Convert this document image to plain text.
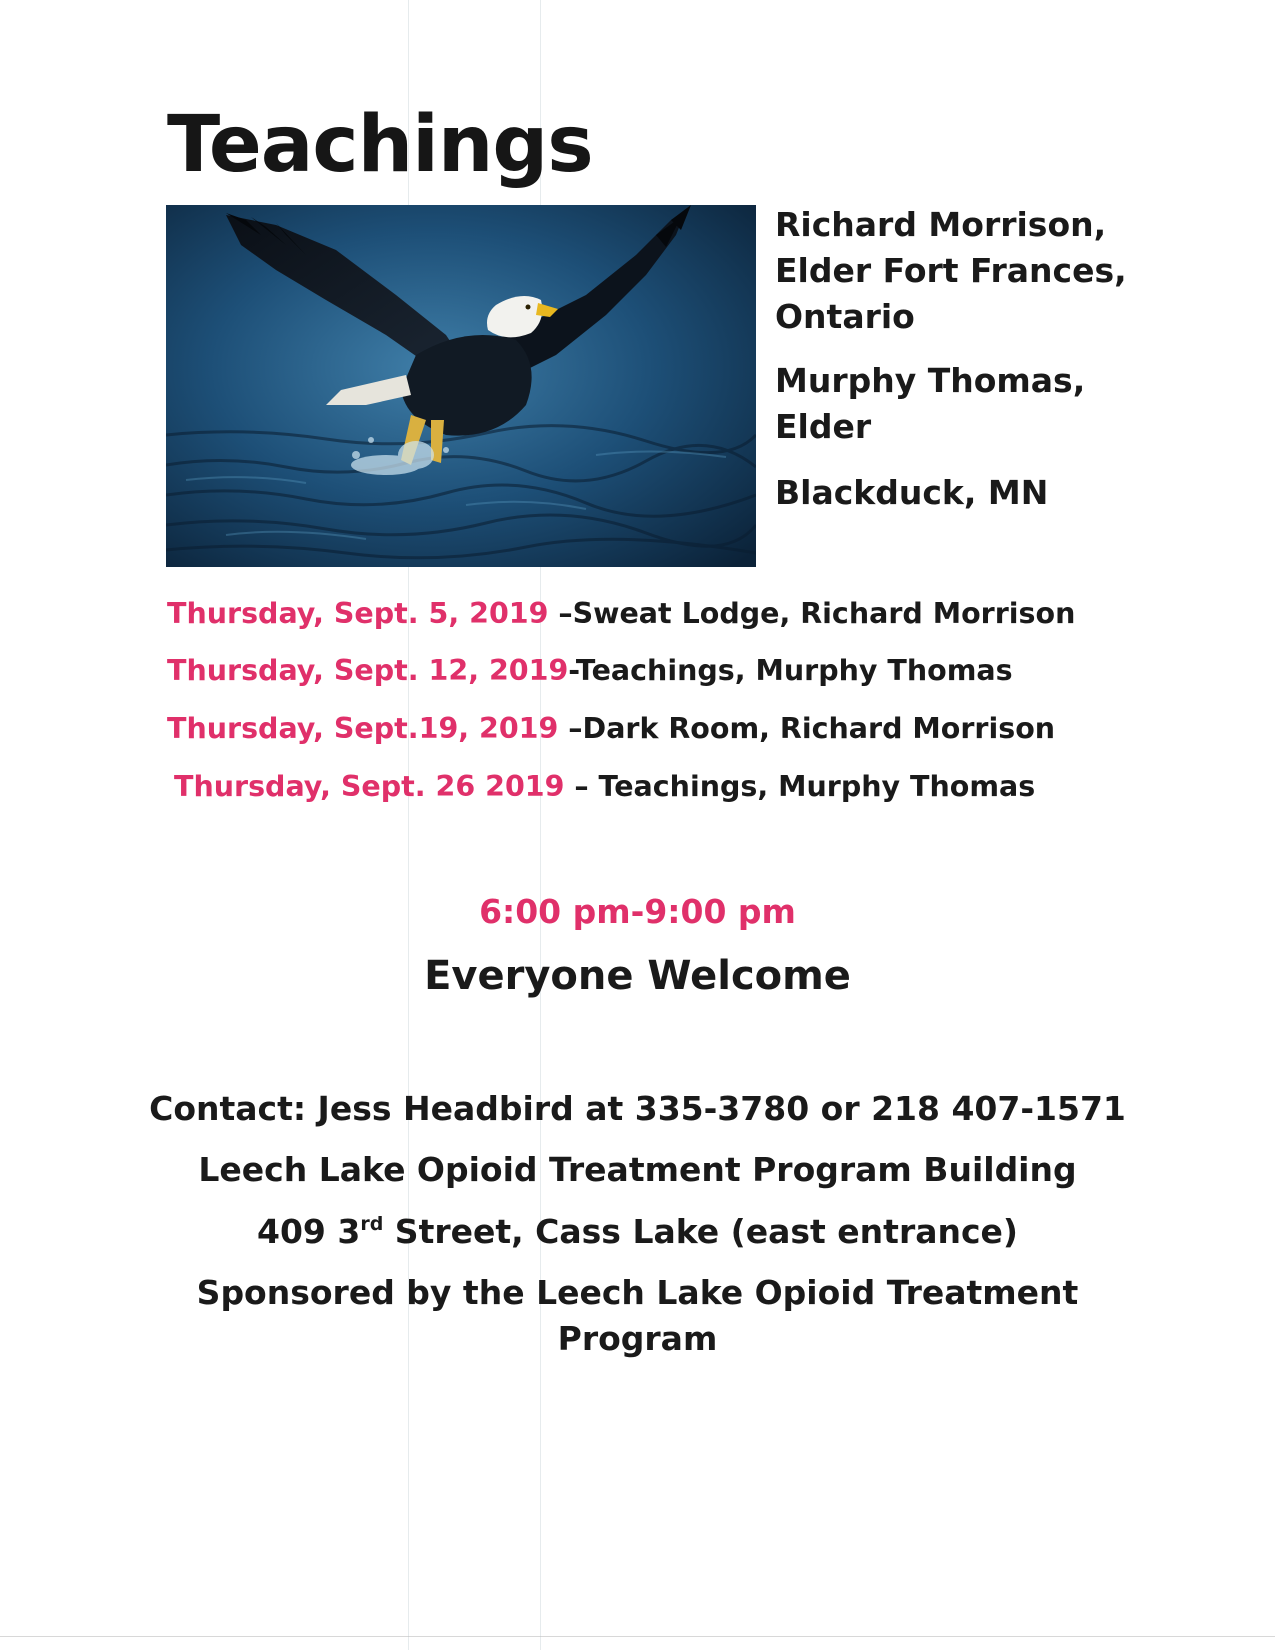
Teachings
Richard Morrison,
Elder Fort Frances,
Ontario
Murphy Thomas,
Elder
Blackduck, MN
Thursday, Sept. 5, 2019 –Sweat Lodge, Richard Morrison
Thursday, Sept. 12, 2019-Teachings, Murphy Thomas
Thursday, Sept.19, 2019 –Dark Room, Richard Morrison
Thursday, Sept. 26 2019 – Teachings, Murphy Thomas

6:00 pm-9:00 pm

Everyone Welcome

Contact: Jess Headbird at 335-3780 or 218 407-1571

Leech Lake Opioid Treatment Program Building

409 3rd Street, Cass Lake (east entrance)

Sponsored by the Leech Lake Opioid Treatment

Program
